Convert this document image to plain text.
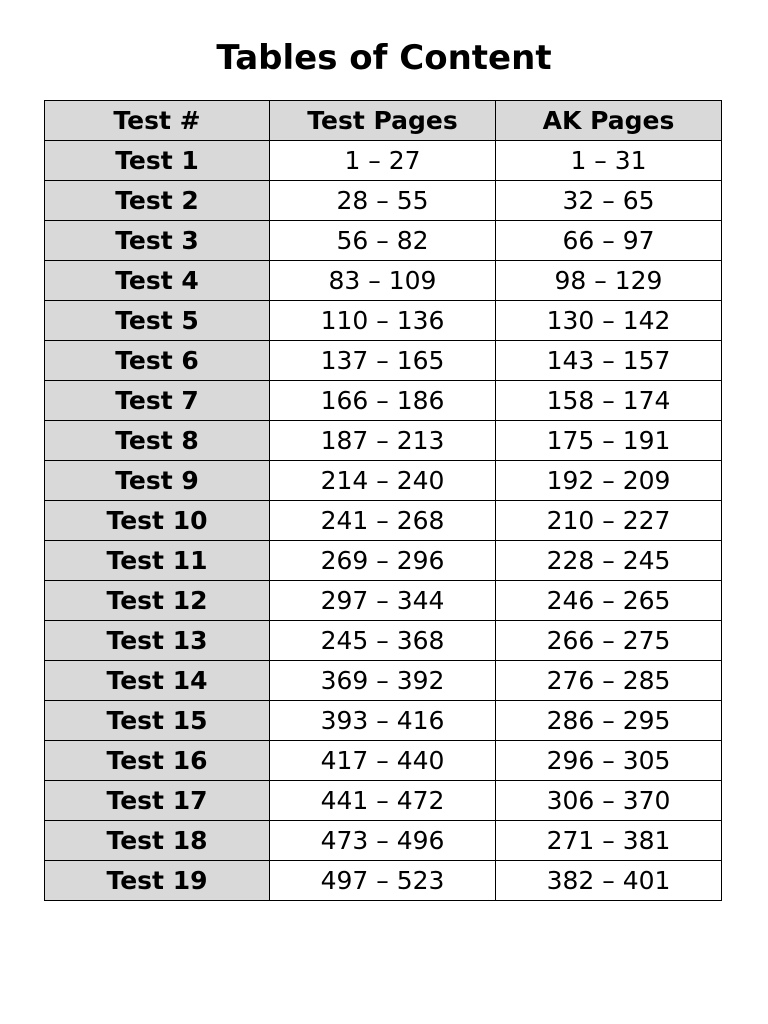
Tables of Content
Test #	Test Pages	AK Pages
Test 1	1 – 27	1 – 31
Test 2	28 – 55	32 – 65
Test 3	56 – 82	66 – 97
Test 4	83 – 109	98 – 129
Test 5	110 – 136	130 – 142
Test 6	137 – 165	143 – 157
Test 7	166 – 186	158 – 174
Test 8	187 – 213	175 – 191
Test 9	214 – 240	192 – 209
Test 10	241 – 268	210 – 227
Test 11	269 – 296	228 – 245
Test 12	297 – 344	246 – 265
Test 13	245 – 368	266 – 275
Test 14	369 – 392	276 – 285
Test 15	393 – 416	286 – 295
Test 16	417 – 440	296 – 305
Test 17	441 – 472	306 – 370
Test 18	473 – 496	271 – 381
Test 19	497 – 523	382 – 401
